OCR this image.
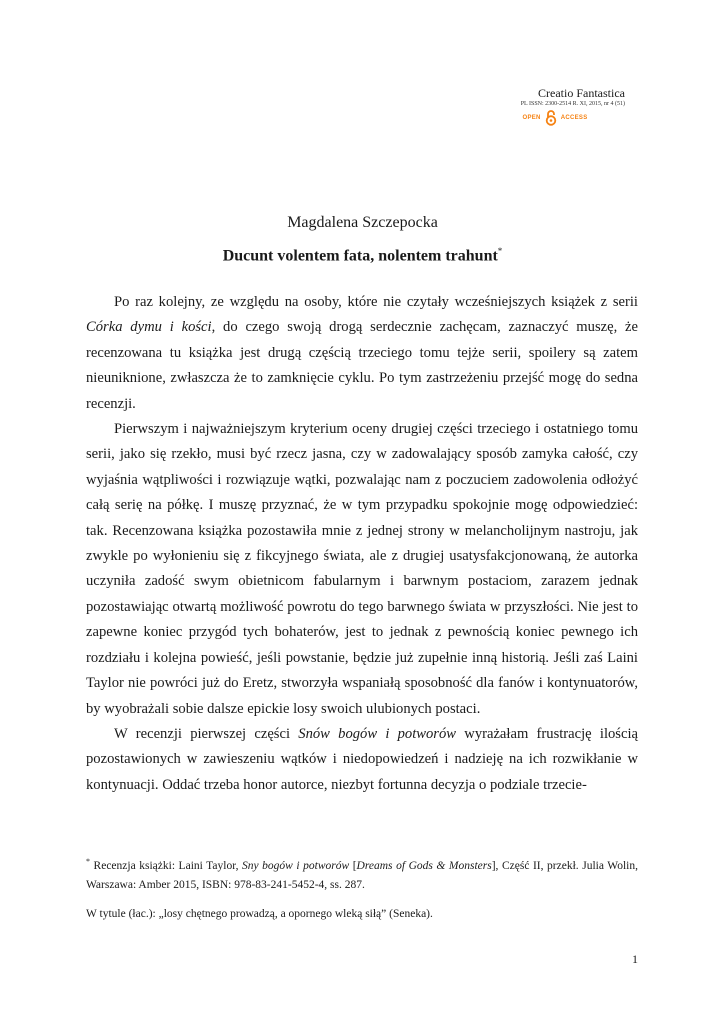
Creatio Fantastica
PL ISSN: 2300-2514 R. XI, 2015, nr 4 (51)
OPEN	ACCESS
Magdalena Szczepocka
Ducunt volentem fata, nolentem trahunt*

Po raz kolejny, ze względu na osoby, które nie czytały wcześniejszych książek z serii Córka dymu i kości, do czego swoją drogą serdecznie zachęcam, zaznaczyć muszę, że recenzowana tu książka jest drugą częścią trzeciego tomu tejże serii, spoilery są zatem nieuniknione, zwłaszcza że to zamknięcie cyklu. Po tym zastrzeżeniu przejść mogę do sedna recenzji.

Pierwszym i najważniejszym kryterium oceny drugiej części trzeciego i ostatniego tomu serii, jako się rzekło, musi być rzecz jasna, czy w zadowalający sposób zamyka całość, czy wyjaśnia wątpliwości i rozwiązuje wątki, pozwalając nam z poczuciem zadowolenia odłożyć całą serię na półkę. I muszę przyznać, że w tym przypadku spokojnie mogę odpowiedzieć: tak. Recenzowana książka pozostawiła mnie z jednej strony w melancholijnym nastroju, jak zwykle po wyłonieniu się z fikcyjnego świata, ale z drugiej usatysfakcjonowaną, że autorka uczyniła zadość swym obietnicom fabularnym i barwnym postaciom, zarazem jednak pozostawiając otwartą możliwość powrotu do tego barwnego świata w przyszłości. Nie jest to zapewne koniec przygód tych bohaterów, jest to jednak z pewnością koniec pewnego ich rozdziału i kolejna powieść, jeśli powstanie, będzie już zupełnie inną historią. Jeśli zaś Laini Taylor nie powróci już do Eretz, stworzyła wspaniałą sposobność dla fanów i kontynuatorów, by wyobrażali sobie dalsze epickie losy swoich ulubionych postaci.

W recenzji pierwszej części Snów bogów i potworów wyrażałam frustrację ilością pozostawionych w zawieszeniu wątków i niedopowiedzeń i nadzieję na ich rozwikłanie w kontynuacji. Oddać trzeba honor autorce, niezbyt fortunna decyzja o podziale trzecie-

* Recenzja książki: Laini Taylor, Sny bogów i potworów [Dreams of Gods & Monsters], Część II, przekł. Julia Wolin, Warszawa: Amber 2015, ISBN: 978-83-241-5452-4, ss. 287.
W tytule (łac.): „losy chętnego prowadzą, a opornego wleką siłą” (Seneka).
1
